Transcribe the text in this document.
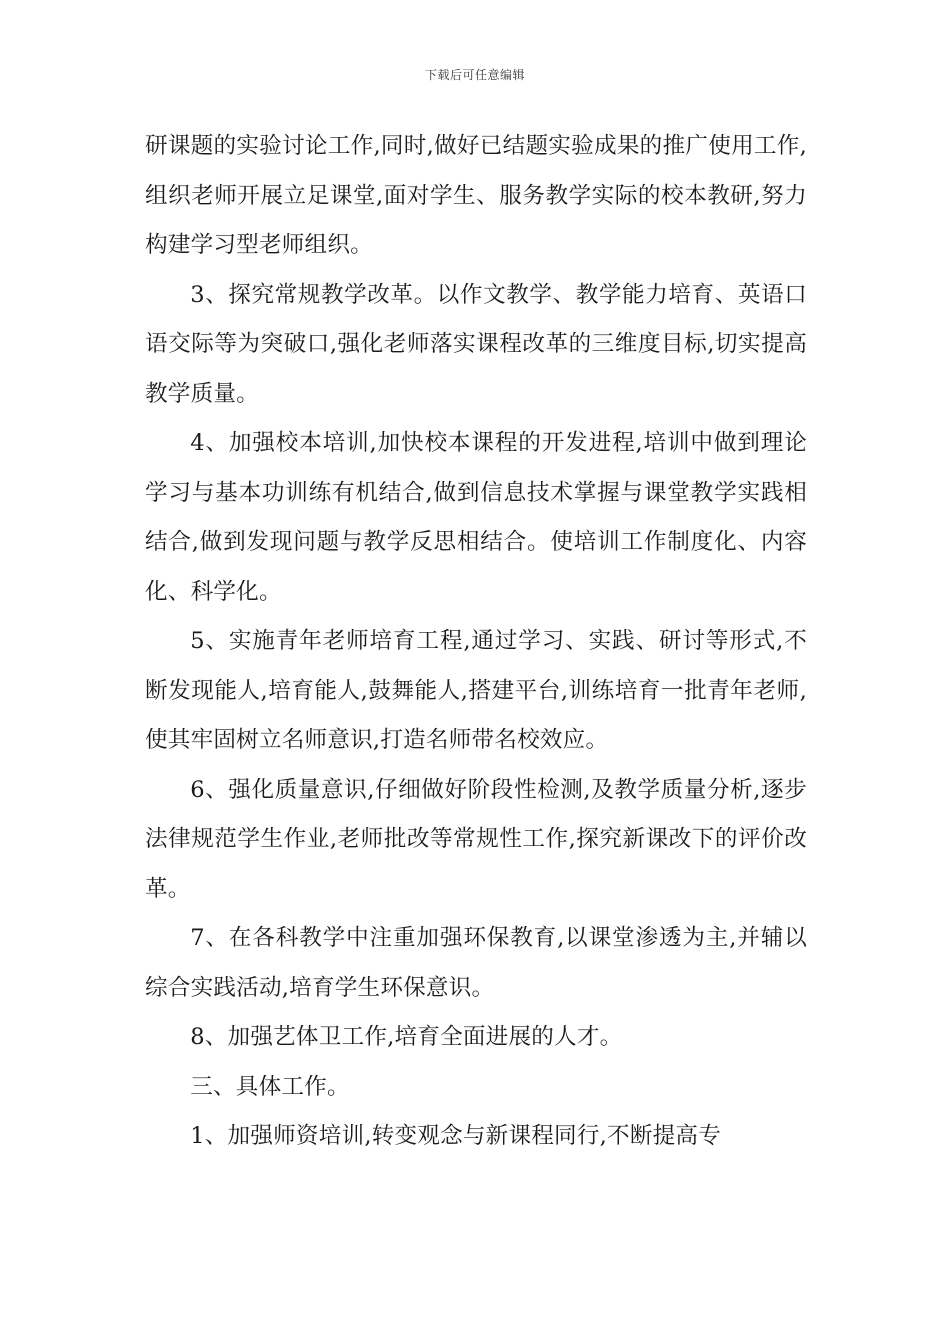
下载后可任意编辑

研课题的实验讨论工作,同时,做好已结题实验成果的推广使用工作,组织老师开展立足课堂,面对学生、服务教学实际的校本教研,努力构建学习型老师组织。

3、探究常规教学改革。以作文教学、教学能力培育、英语口语交际等为突破口,强化老师落实课程改革的三维度目标,切实提高教学质量。

4、加强校本培训,加快校本课程的开发进程,培训中做到理论学习与基本功训练有机结合,做到信息技术掌握与课堂教学实践相结合,做到发现问题与教学反思相结合。使培训工作制度化、内容化、科学化。

5、实施青年老师培育工程,通过学习、实践、研讨等形式,不断发现能人,培育能人,鼓舞能人,搭建平台,训练培育一批青年老师,使其牢固树立名师意识,打造名师带名校效应。

6、强化质量意识,仔细做好阶段性检测,及教学质量分析,逐步法律规范学生作业,老师批改等常规性工作,探究新课改下的评价改革。

7、在各科教学中注重加强环保教育,以课堂渗透为主,并辅以综合实践活动,培育学生环保意识。

8、加强艺体卫工作,培育全面进展的人才。

三、具体工作。

1、加强师资培训,转变观念与新课程同行,不断提高专
